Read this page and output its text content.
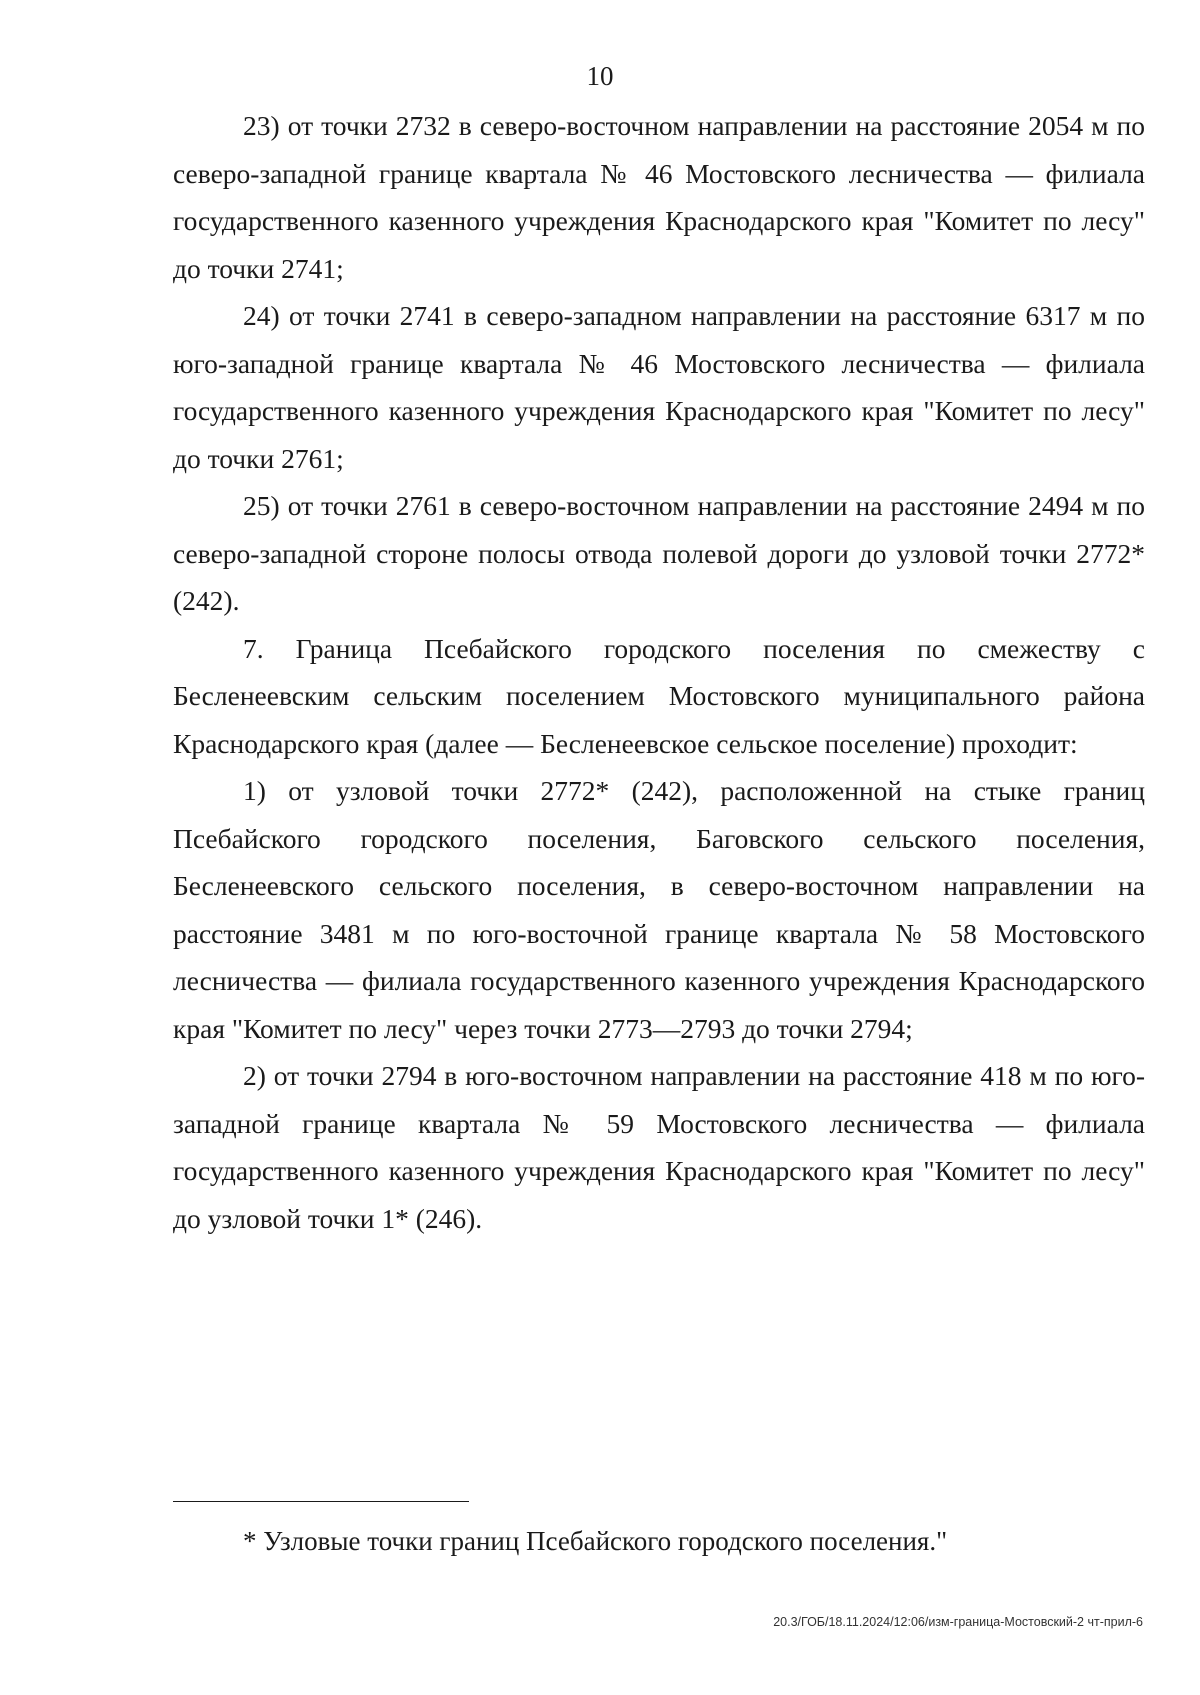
10

23) от точки 2732 в северо-восточном направлении на расстояние 2054 м по северо-западной границе квартала № 46 Мостовского лесничества — филиала государственного казенного учреждения Краснодарского края "Комитет по лесу" до точки 2741;

24) от точки 2741 в северо-западном направлении на расстояние 6317 м по юго-западной границе квартала № 46 Мостовского лесничества — филиала государственного казенного учреждения Краснодарского края "Комитет по лесу" до точки 2761;

25) от точки 2761 в северо-восточном направлении на расстояние 2494 м по северо-западной стороне полосы отвода полевой дороги до узловой точки 2772* (242).

7. Граница Псебайского городского поселения по смежеству с Бесленеевским сельским поселением Мостовского муниципального района Краснодарского края (далее — Бесленеевское сельское поселение) проходит:

1) от узловой точки 2772* (242), расположенной на стыке границ Псебайского городского поселения, Баговского сельского поселения, Бесленеевского сельского поселения, в северо-восточном направлении на расстояние 3481 м по юго-восточной границе квартала № 58 Мостовского лесничества — филиала государственного казенного учреждения Краснодарского края "Комитет по лесу" через точки 2773—2793 до точки 2794;

2) от точки 2794 в юго-восточном направлении на расстояние 418 м по юго-западной границе квартала № 59 Мостовского лесничества — филиала государственного казенного учреждения Краснодарского края "Комитет по лесу" до узловой точки 1* (246).

* Узловые точки границ Псебайского городского поселения."
20.3/ГОБ/18.11.2024/12:06/изм-граница-Мостовский-2 чт-прил-6
